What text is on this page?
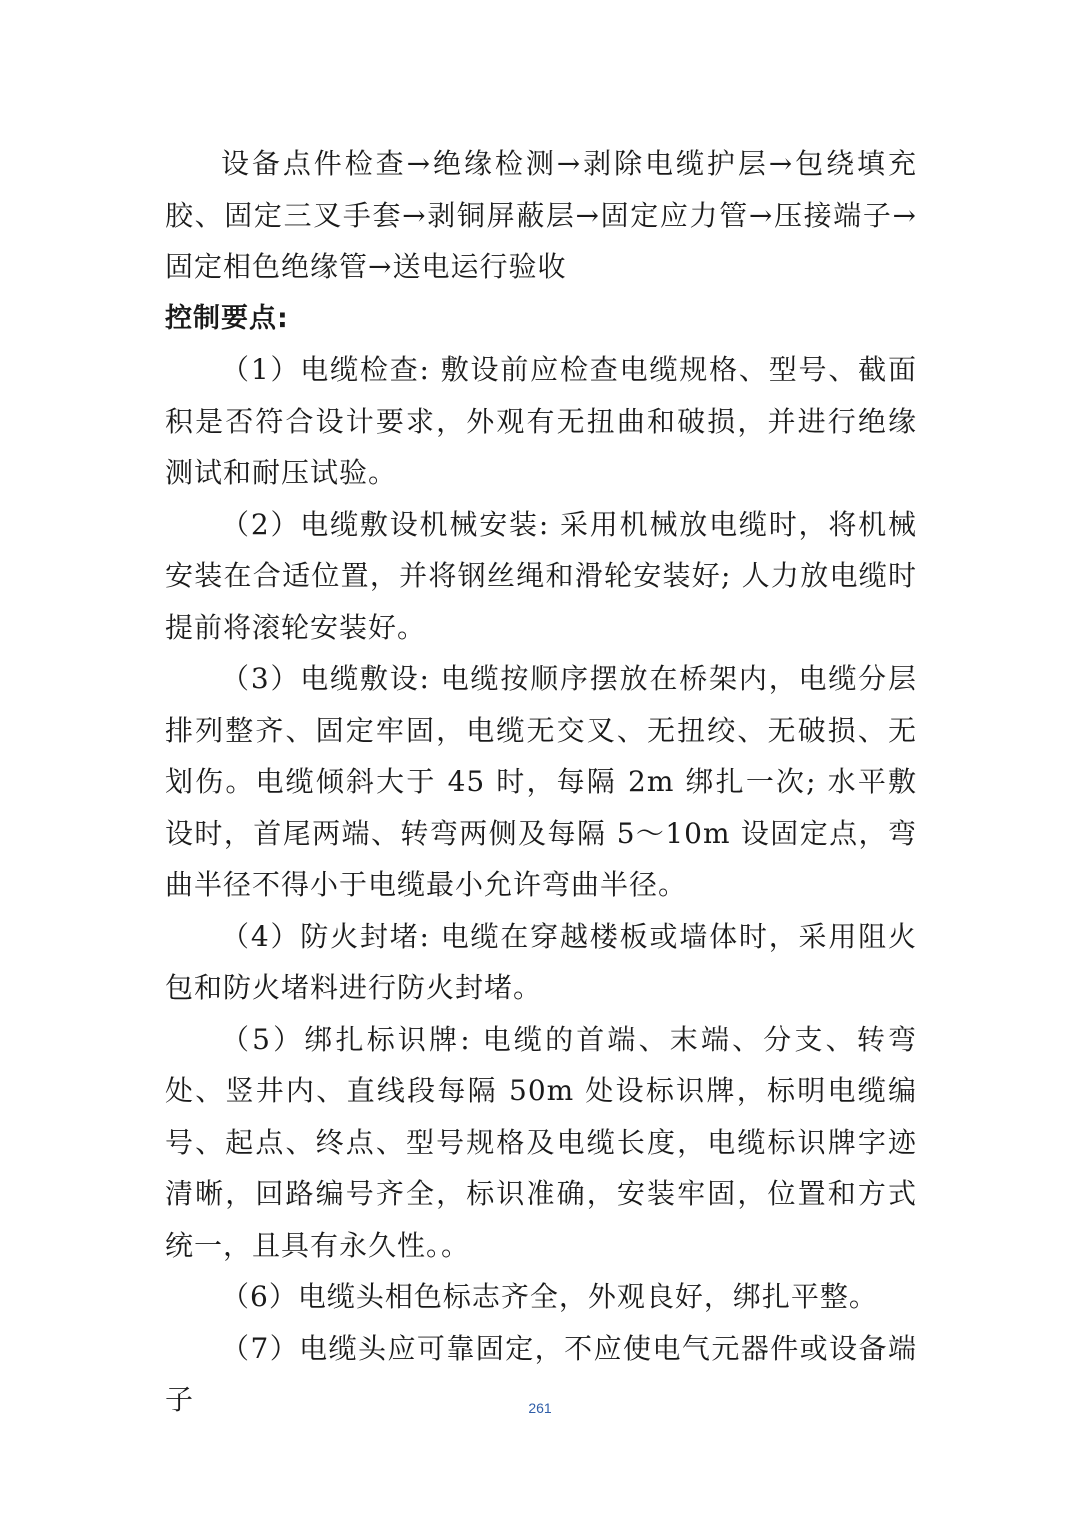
设备点件检查→绝缘检测→剥除电缆护层→包绕填充胶、固定三叉手套→剥铜屏蔽层→固定应力管→压接端子→固定相色绝缘管→送电运行验收

控制要点:

（1）电缆检查: 敷设前应检查电缆规格、型号、截面积是否符合设计要求，外观有无扭曲和破损，并进行绝缘测试和耐压试验。

（2）电缆敷设机械安装: 采用机械放电缆时，将机械安装在合适位置，并将钢丝绳和滑轮安装好; 人力放电缆时提前将滚轮安装好。

（3）电缆敷设: 电缆按顺序摆放在桥架内，电缆分层排列整齐、固定牢固，电缆无交叉、无扭绞、无破损、无划伤。电缆倾斜大于 45 时，每隔 2m 绑扎一次; 水平敷设时，首尾两端、转弯两侧及每隔 5～10m 设固定点，弯曲半径不得小于电缆最小允许弯曲半径。

（4）防火封堵: 电缆在穿越楼板或墙体时，采用阻火包和防火堵料进行防火封堵。

（5）绑扎标识牌: 电缆的首端、末端、分支、转弯处、竖井内、直线段每隔 50m 处设标识牌，标明电缆编号、起点、终点、型号规格及电缆长度，电缆标识牌字迹清晰，回路编号齐全，标识准确，安装牢固，位置和方式统一，且具有永久性。。

（6）电缆头相色标志齐全，外观良好，绑扎平整。

（7）电缆头应可靠固定，不应使电气元器件或设备端子	261
